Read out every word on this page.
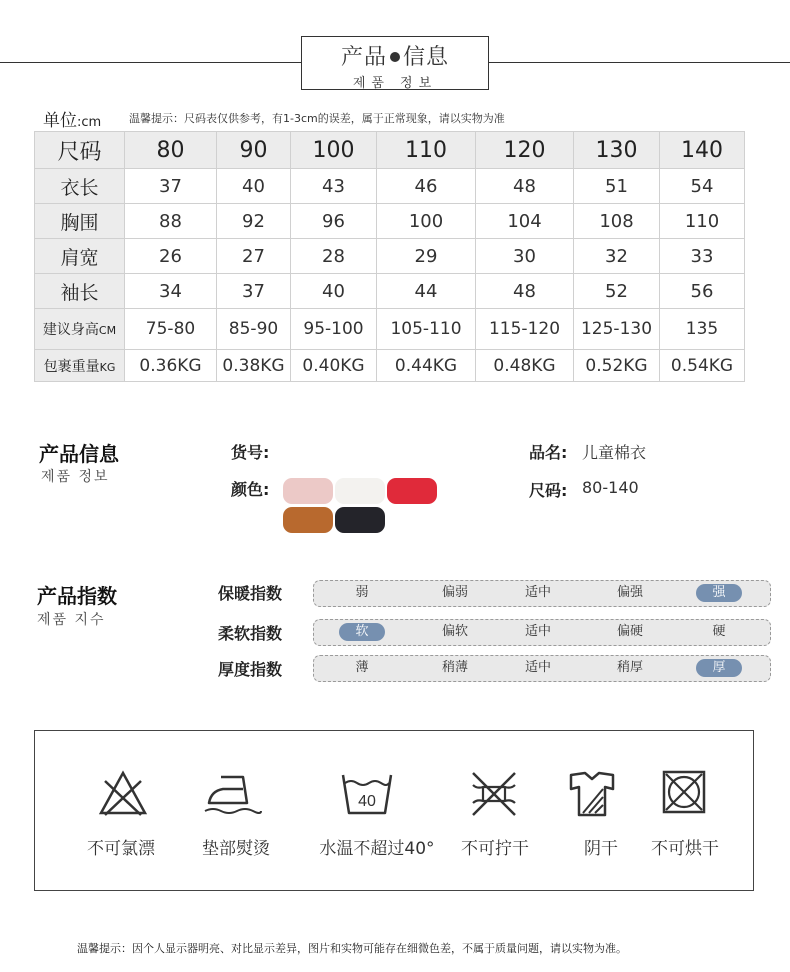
产品 信息
제품 정보
单位:cm	温馨提示：尺码表仅供参考，有1-3cm的误差，属于正常现象，请以实物为准
尺码	80	90	100	110	120	130	140
衣长	37	40	43	46	48	51	54
胸围	88	92	96	100	104	108	110
肩宽	26	27	28	29	30	32	33
袖长	34	37	40	44	48	52	56
建议身高CM	75-80	85-90	95-100	105-110	115-120	125-130	135
包裹重量KG	0.36KG	0.38KG	0.40KG	0.44KG	0.48KG	0.52KG	0.54KG
产品信息
제품 정보
货号:
颜色:
品名: 儿童棉衣
尺码: 80-140
产品指数
제품 지수
保暖指数	弱	偏弱	适中	偏强	强
柔软指数	软	偏软	适中	偏硬	硬
厚度指数	薄	稍薄	适中	稍厚	厚
40
不可氯漂	垫部熨烫	水温不超过40° 不可拧干	阴干 不可烘干
温馨提示：因个人显示器明亮、对比显示差异，图片和实物可能存在细微色差，不属于质量问题，请以实物为准。
